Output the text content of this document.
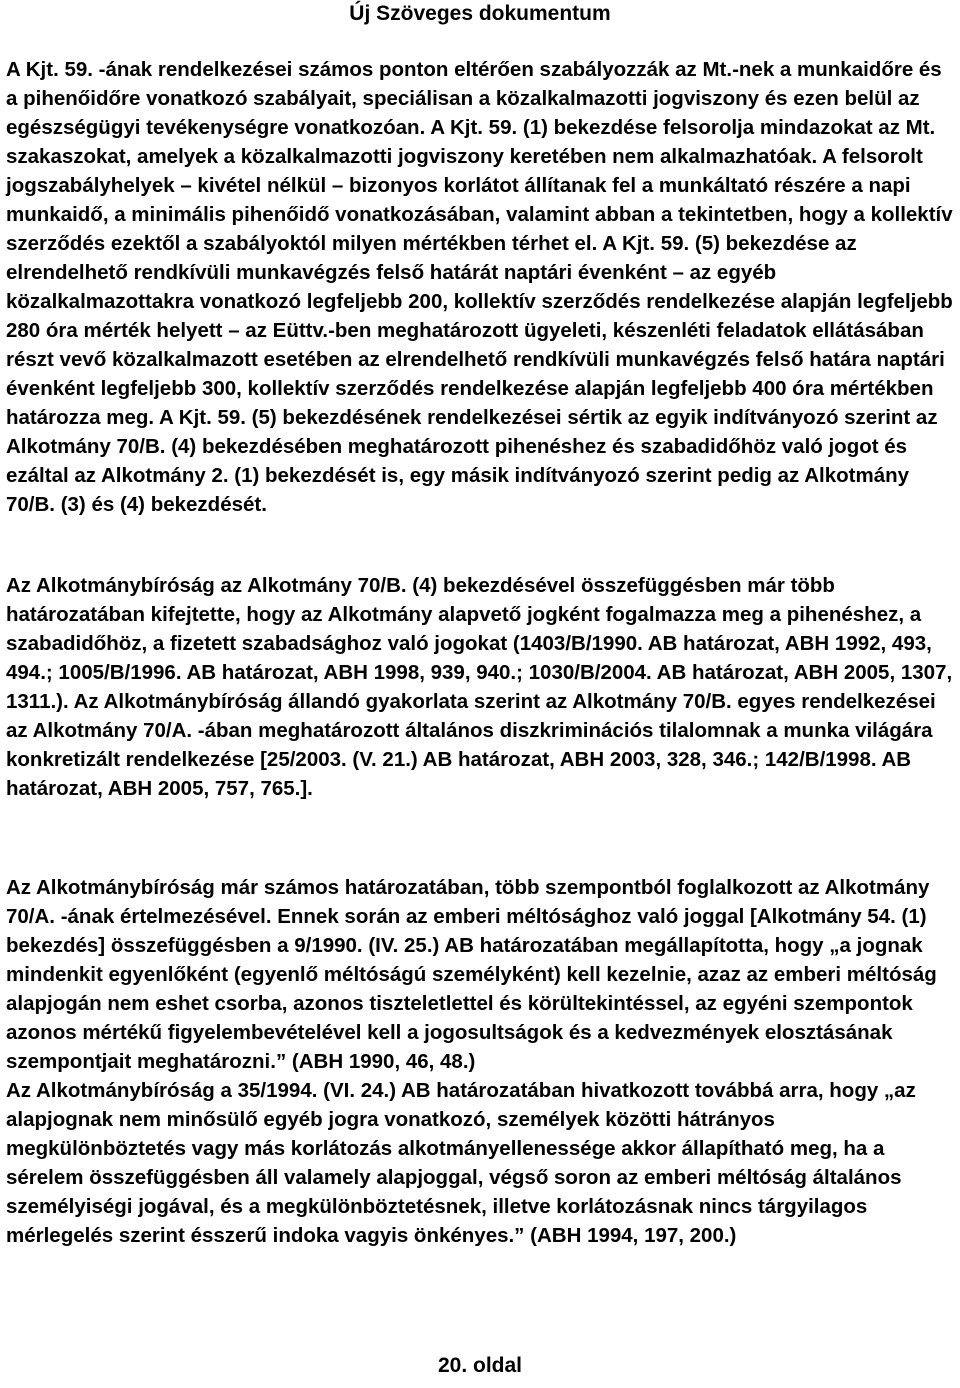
Új Szöveges dokumentum

A Kjt. 59. -ának rendelkezései számos ponton eltérően szabályozzák az Mt.-nek a munkaidőre és a pihenőidőre vonatkozó szabályait, speciálisan a közalkalmazotti jogviszony és ezen belül az egészségügyi tevékenységre vonatkozóan. A Kjt. 59. (1) bekezdése felsorolja mindazokat az Mt. szakaszokat, amelyek a közalkalmazotti jogviszony keretében nem alkalmazhatóak. A felsorolt jogszabályhelyek – kivétel nélkül – bizonyos korlátot állítanak fel a munkáltató részére a napi munkaidő, a minimális pihenőidő vonatkozásában, valamint abban a tekintetben, hogy a kollektív szerződés ezektől a szabályoktól milyen mértékben térhet el. A Kjt. 59. (5) bekezdése az elrendelhető rendkívüli munkavégzés felső határát naptári évenként – az egyéb közalkalmazottakra vonatkozó legfeljebb 200, kollektív szerződés rendelkezése alapján legfeljebb 280 óra mérték helyett – az Eüttv.-ben meghatározott ügyeleti, készenléti feladatok ellátásában részt vevő közalkalmazott esetében az elrendelhető rendkívüli munkavégzés felső határa naptári évenként legfeljebb 300, kollektív szerződés rendelkezése alapján legfeljebb 400 óra mértékben határozza meg. A Kjt. 59. (5) bekezdésének rendelkezései sértik az egyik indítványozó szerint az Alkotmány 70/B. (4) bekezdésében meghatározott pihenéshez és szabadidőhöz való jogot és ezáltal az Alkotmány 2. (1) bekezdését is, egy másik indítványozó szerint pedig az Alkotmány 70/B. (3) és (4) bekezdését.

Az Alkotmánybíróság az Alkotmány 70/B. (4) bekezdésével összefüggésben már több határozatában kifejtette, hogy az Alkotmány alapvető jogként fogalmazza meg a pihenéshez, a szabadidőhöz, a fizetett szabadsághoz való jogokat (1403/B/1990. AB határozat, ABH 1992, 493, 494.; 1005/B/1996. AB határozat, ABH 1998, 939, 940.; 1030/B/2004. AB határozat, ABH 2005, 1307, 1311.). Az Alkotmánybíróság állandó gyakorlata szerint az Alkotmány 70/B. egyes rendelkezései az Alkotmány 70/A. -ában meghatározott általános diszkriminációs tilalomnak a munka világára konkretizált rendelkezése [25/2003. (V. 21.) AB határozat, ABH 2003, 328, 346.; 142/B/1998. AB határozat, ABH 2005, 757, 765.].

Az Alkotmánybíróság már számos határozatában, több szempontból foglalkozott az Alkotmány 70/A. -ának értelmezésével. Ennek során az emberi méltósághoz való joggal [Alkotmány 54. (1) bekezdés] összefüggésben a 9/1990. (IV. 25.) AB határozatában megállapította, hogy „a jognak mindenkit egyenlőként (egyenlő méltóságú személyként) kell kezelnie, azaz az emberi méltóság alapjogán nem eshet csorba, azonos tiszteletlettel és körültekintéssel, az egyéni szempontok azonos mértékű figyelembevételével kell a jogosultságok és a kedvezmények elosztásának szempontjait meghatározni.” (ABH 1990, 46, 48.)

Az Alkotmánybíróság a 35/1994. (VI. 24.) AB határozatában hivatkozott továbbá arra, hogy „az alapjognak nem minősülő egyéb jogra vonatkozó, személyek közötti hátrányos megkülönböztetés vagy más korlátozás alkotmányellenessége akkor állapítható meg, ha a sérelem összefüggésben áll valamely alapjoggal, végső soron az emberi méltóság általános személyiségi jogával, és a megkülönböztetésnek, illetve korlátozásnak nincs tárgyilagos mérlegelés szerint ésszerű indoka vagyis önkényes.” (ABH 1994, 197, 200.)

20. oldal
